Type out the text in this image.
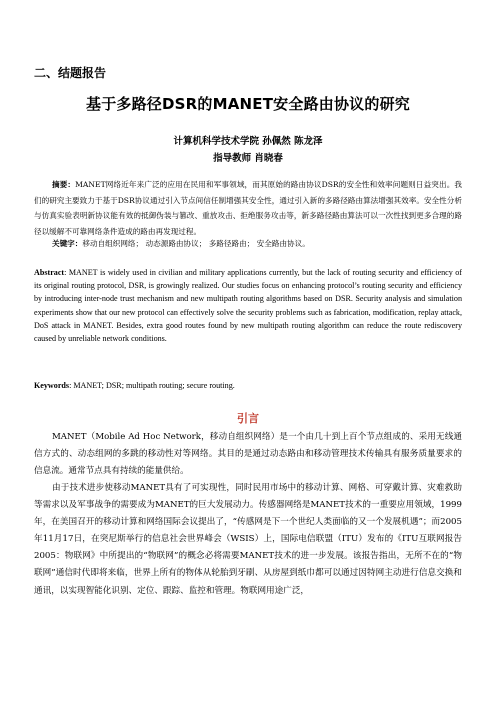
二、结题报告
基于多路径DSR的MANET安全路由协议的研究
计算机科学技术学院 孙佩然 陈龙泽
指导教师 肖晓春
摘要：MANET网络近年来广泛的应用在民用和军事领域，而其原始的路由协议DSR的安全性和效率问题则日益突出。我们的研究主要致力于基于DSR协议通过引入节点间信任制增强其安全性，通过引入新的多路径路由算法增强其效率。安全性分析与仿真实验表明新协议能有效的抵御伪装与篡改、重放攻击、拒绝服务攻击等，新多路径路由算法可以一次性找到更多合理的路径以缓解不可靠网络条件造成的路由再发现过程。
关键字：移动自组织网络； 动态源路由协议； 多路径路由； 安全路由协议。
Abstract: MANET is widely used in civilian and military applications currently, but the lack of routing security and efficiency of its original routing protocol, DSR, is growingly realized. Our studies focus on enhancing protocol’s routing security and efficiency by introducing inter-node trust mechanism and new multipath routing algorithms based on DSR. Security analysis and simulation experiments show that our new protocol can effectively solve the security problems such as fabrication, modification, replay attack, DoS attack in MANET. Besides, extra good routes found by new multipath routing algorithm can reduce the route rediscovery caused by unreliable network conditions.
Keywords: MANET; DSR; multipath routing; secure routing.
引言
MANET（Mobile Ad Hoc Network，移动自组织网络）是一个由几十到上百个节点组成的、采用无线通信方式的、动态组网的多跳的移动性对等网络。其目的是通过动态路由和移动管理技术传输具有服务质量要求的信息流。通常节点具有持续的能量供给。
由于技术进步使移动MANET具有了可实现性，同时民用市场中的移动计算、网格、可穿戴计算、灾难救助等需求以及军事战争的需要成为MANET的巨大发展动力。传感器网络是MANET技术的一重要应用领域，1999年，在美国召开的移动计算和网络国际会议提出了，“传感网是下一个世纪人类面临的又一个发展机遇”；而2005年11月17日，在突尼斯举行的信息社会世界峰会（WSIS）上，国际电信联盟（ITU）发布的《ITU互联网报告2005：物联网》中所提出的“物联网”的概念必将需要MANET技术的进一步发展。该报告指出，无所不在的“物联网”通信时代即将来临，世界上所有的物体从轮胎到牙刷、从房屋到纸巾都可以通过因特网主动进行信息交换和通讯，以实现智能化识别、定位、跟踪、监控和管理。物联网用途广泛，
